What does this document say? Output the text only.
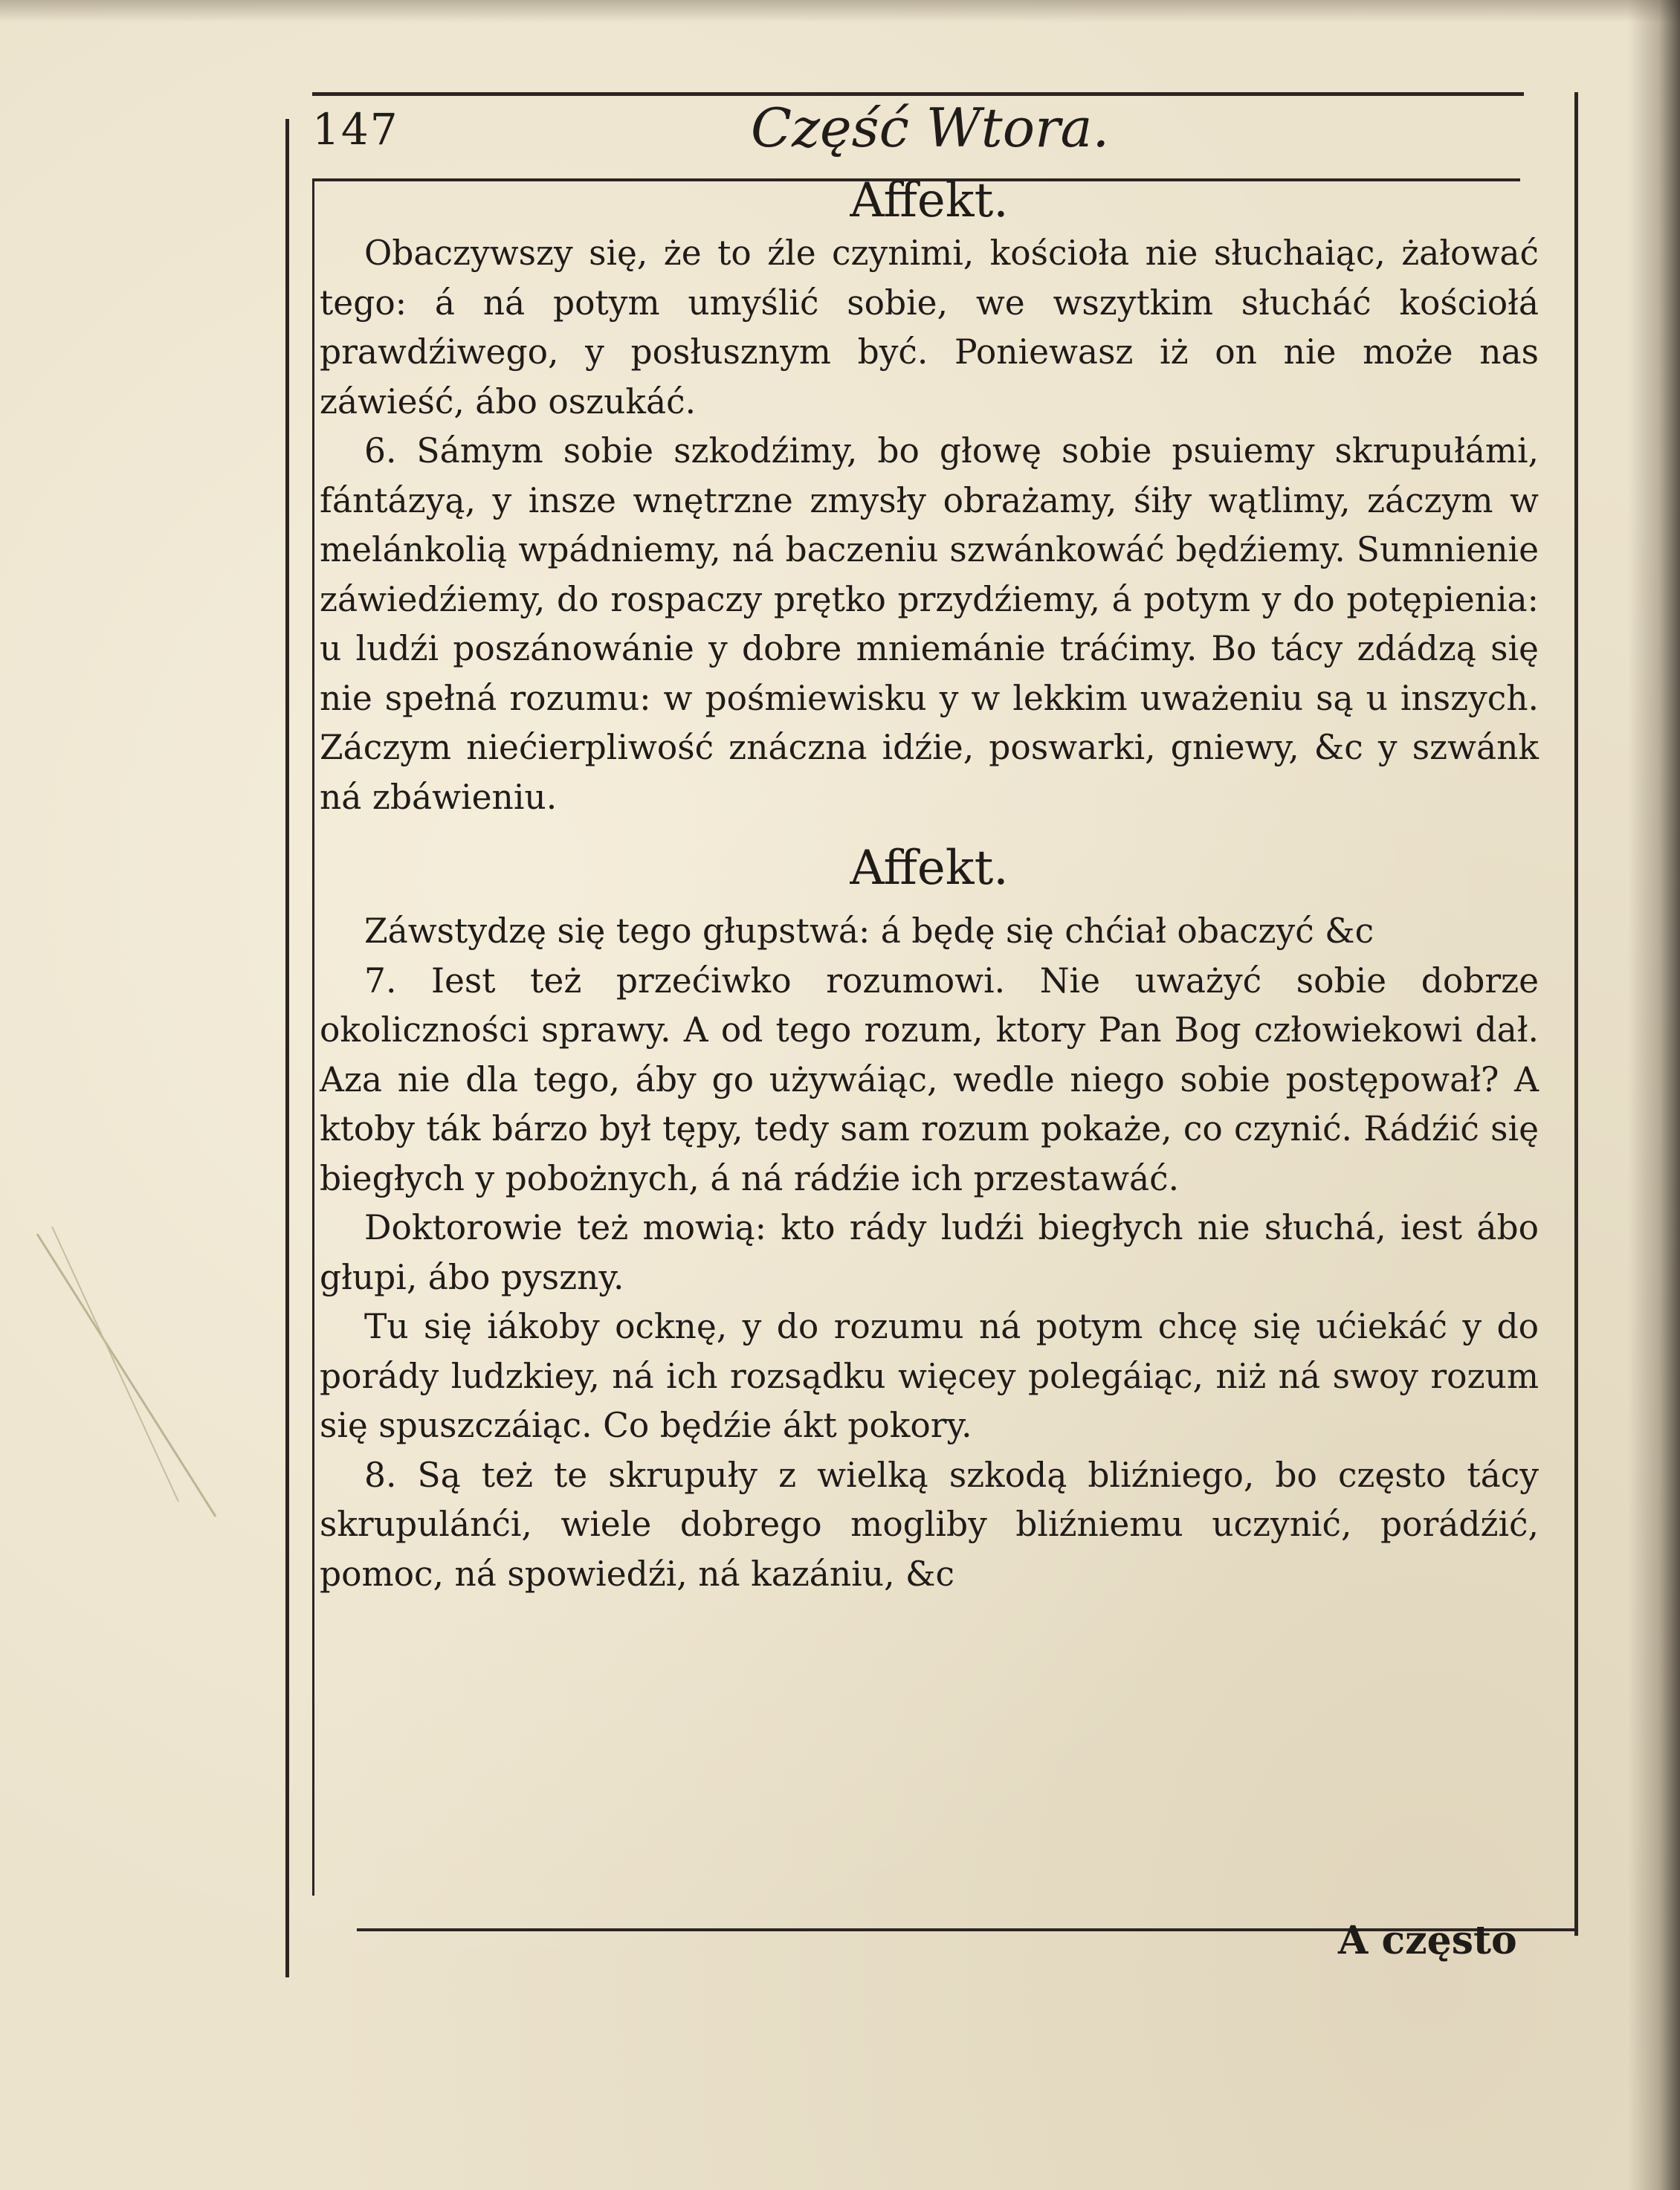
147	Część Wtora.
Affekt.

Obaczywszy się, że to źle czynimi, kościoła nie słuchaiąc, żałować tego: á ná potym umyślić sobie, we wszytkim słucháć kościołá prawdźiwego, y posłusznym być. Poniewasz iż on nie może nas záwieść, ábo oszukáć.

6. Sámym sobie szkodźimy, bo głowę sobie psuiemy skrupułámi, fántázyą, y insze wnętrzne zmysły obrażamy, śiły wątlimy, záczym w melánkolią wpádniemy, ná baczeniu szwánkowáć będźiemy. Sumnienie záwiedźiemy, do rospaczy prętko przydźiemy, á potym y do potępienia: u ludźi poszánowánie y dobre mniemánie tráćimy. Bo tácy zdádzą się nie spełná rozumu: w pośmiewisku y w lekkim uważeniu są u inszych. Záczym niećierpliwość znáczna idźie, poswarki, gniewy, &c y szwánk ná zbáwieniu.

Affekt.

Záwstydzę się tego głupstwá: á będę się chćiał obaczyć &c

7. Iest też przećiwko rozumowi. Nie uważyć sobie dobrze okoliczności sprawy. A od tego rozum, ktory Pan Bog człowiekowi dał. Aza nie dla tego, áby go używáiąc, wedle niego sobie postępował? A ktoby ták bárzo był tępy, tedy sam rozum pokaże, co czynić. Rádźić się biegłych y pobożnych, á ná rádźie ich przestawáć.

Doktorowie też mowią: kto rády ludźi biegłych nie słuchá, iest ábo głupi, ábo pyszny.

Tu się iákoby ocknę, y do rozumu ná potym chcę się ućiekáć y do porády ludzkiey, ná ich rozsądku więcey polegáiąc, niż ná swoy rozum się spuszczáiąc. Co będźie ákt pokory.

8. Są też te skrupuły z wielką szkodą bliźniego, bo często tácy skrupulánći, wiele dobrego mogliby bliźniemu uczynić, porádźić, pomoc, ná spowiedźi, ná kazániu, &c

A często
